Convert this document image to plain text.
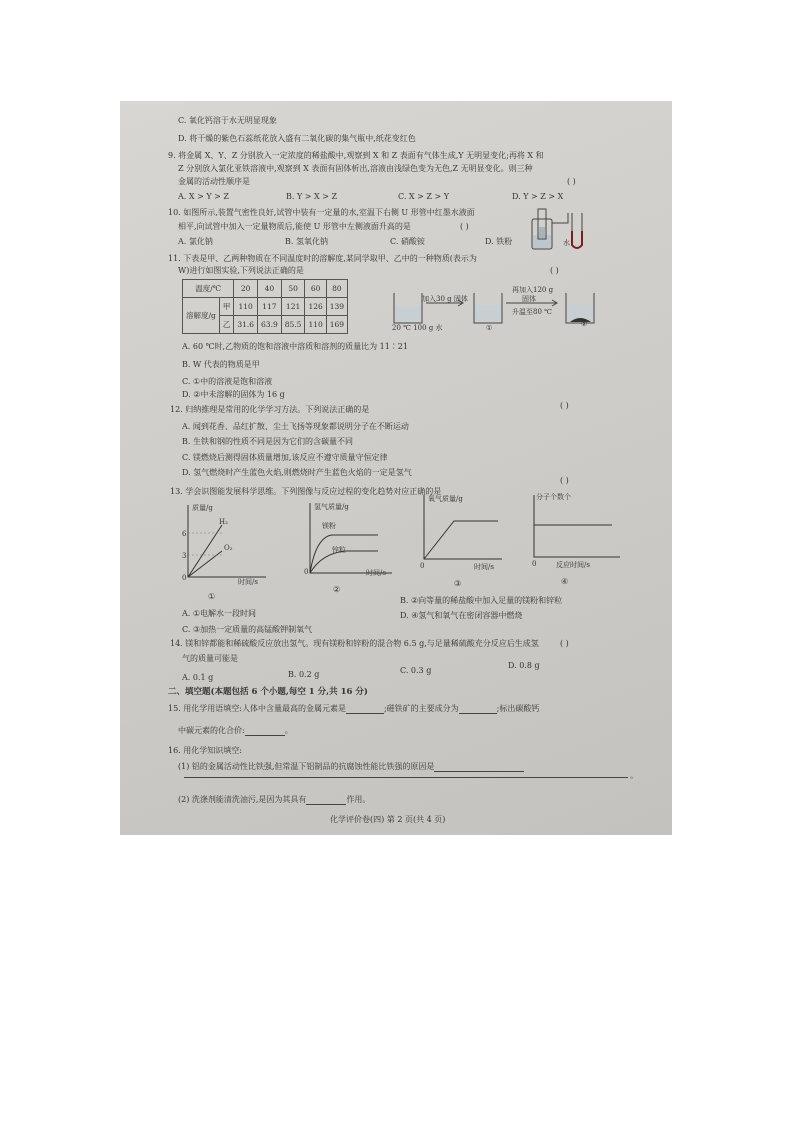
C. 氧化钙溶于水无明显现象
D. 将干燥的紫色石蕊纸花放入盛有二氧化碳的集气瓶中,纸花变红色
9. 将金属 X、Y、Z 分别放入一定浓度的稀盐酸中,观察到 X 和 Z 表面有气体生成,Y 无明显变化;再将 X 和
Z 分别放入氯化亚铁溶液中,观察到 X 表面有固体析出,溶液由浅绿色变为无色,Z 无明显变化。则三种
金属的活动性顺序是	( )
A. X > Y > Z	B. Y > X > Z	C. X > Z > Y	D. Y > Z > X
10. 如图所示,装置气密性良好,试管中装有一定量的水,室温下右侧 U 形管中红墨水液面
相平,向试管中加入一定量物质后,能使 U 形管中左侧液面升高的是	( )
A. 氯化钠	B. 氢氧化钠	C. 硝酸铵	D. 铁粉	水
11. 下表是甲、乙两种物质在不同温度时的溶解度,某同学取甲、乙中的一种物质(表示为
W)进行如图实验,下列说法正确的是	( )
温度/℃		20	40	50	60	80
溶解度/g	甲	110	117	121	126	139
	乙	31.6	63.9	85.5	110	169
加入30 g 固体
再加入120 g
固体
升温至80 ℃
20 ℃ 100 g 水	①	②
A. 60 ℃时,乙物质的饱和溶液中溶质和溶剂的质量比为 11∶21
B. W 代表的物质是甲
C. ①中的溶液是饱和溶液
D. ②中未溶解的固体为 16 g
12. 归纳推理是常用的化学学习方法。下列说法正确的是	( )
A. 闻到花香、品红扩散、尘土飞扬等现象都说明分子在不断运动
B. 生铁和钢的性质不同是因为它们的含碳量不同
C. 镁燃烧后测得固体质量增加,该反应不遵守质量守恒定律
D. 氢气燃烧时产生蓝色火焰,则燃烧时产生蓝色火焰的一定是氢气
13. 学会识图能发展科学思维。下列图像与反应过程的变化趋势对应正确的是
( )
质量/g
H₂
O₂
6
3
0	时间/s
①
氢气质量/g
镁粉
锌粒
0	时间/s
②
氧气质量/g
0	时间/s
③
分子个数个
0	反应时间/s
④
A. ①电解水一段时间
B. ②向等量的稀盐酸中加入足量的镁粉和锌粒
C. ③加热一定质量的高锰酸钾制氧气
D. ④氢气和氧气在密闭容器中燃烧
14. 镁和锌都能和稀硫酸反应放出氢气。现有镁粉和锌粉的混合物 6.5 g,与足量稀硫酸充分反应后生成氢
气的质量可能是
( )
A. 0.1 g	B. 0.2 g	C. 0.3 g
D. 0.8 g
二、填空题(本题包括 6 个小题,每空 1 分,共 16 分)
15. 用化学用语填空:人体中含量最高的金属元素是	;磁铁矿的主要成分为	;标出碳酸钙
中碳元素的化合价:	。
16. 用化学知识填空:
(1) 铝的金属活动性比铁强,但常温下铝制品的抗腐蚀性能比铁强的原因是
。
(2) 洗涤剂能清洗油污,是因为其具有	作用。
化学评价卷(四) 第 2 页(共 4 页)
